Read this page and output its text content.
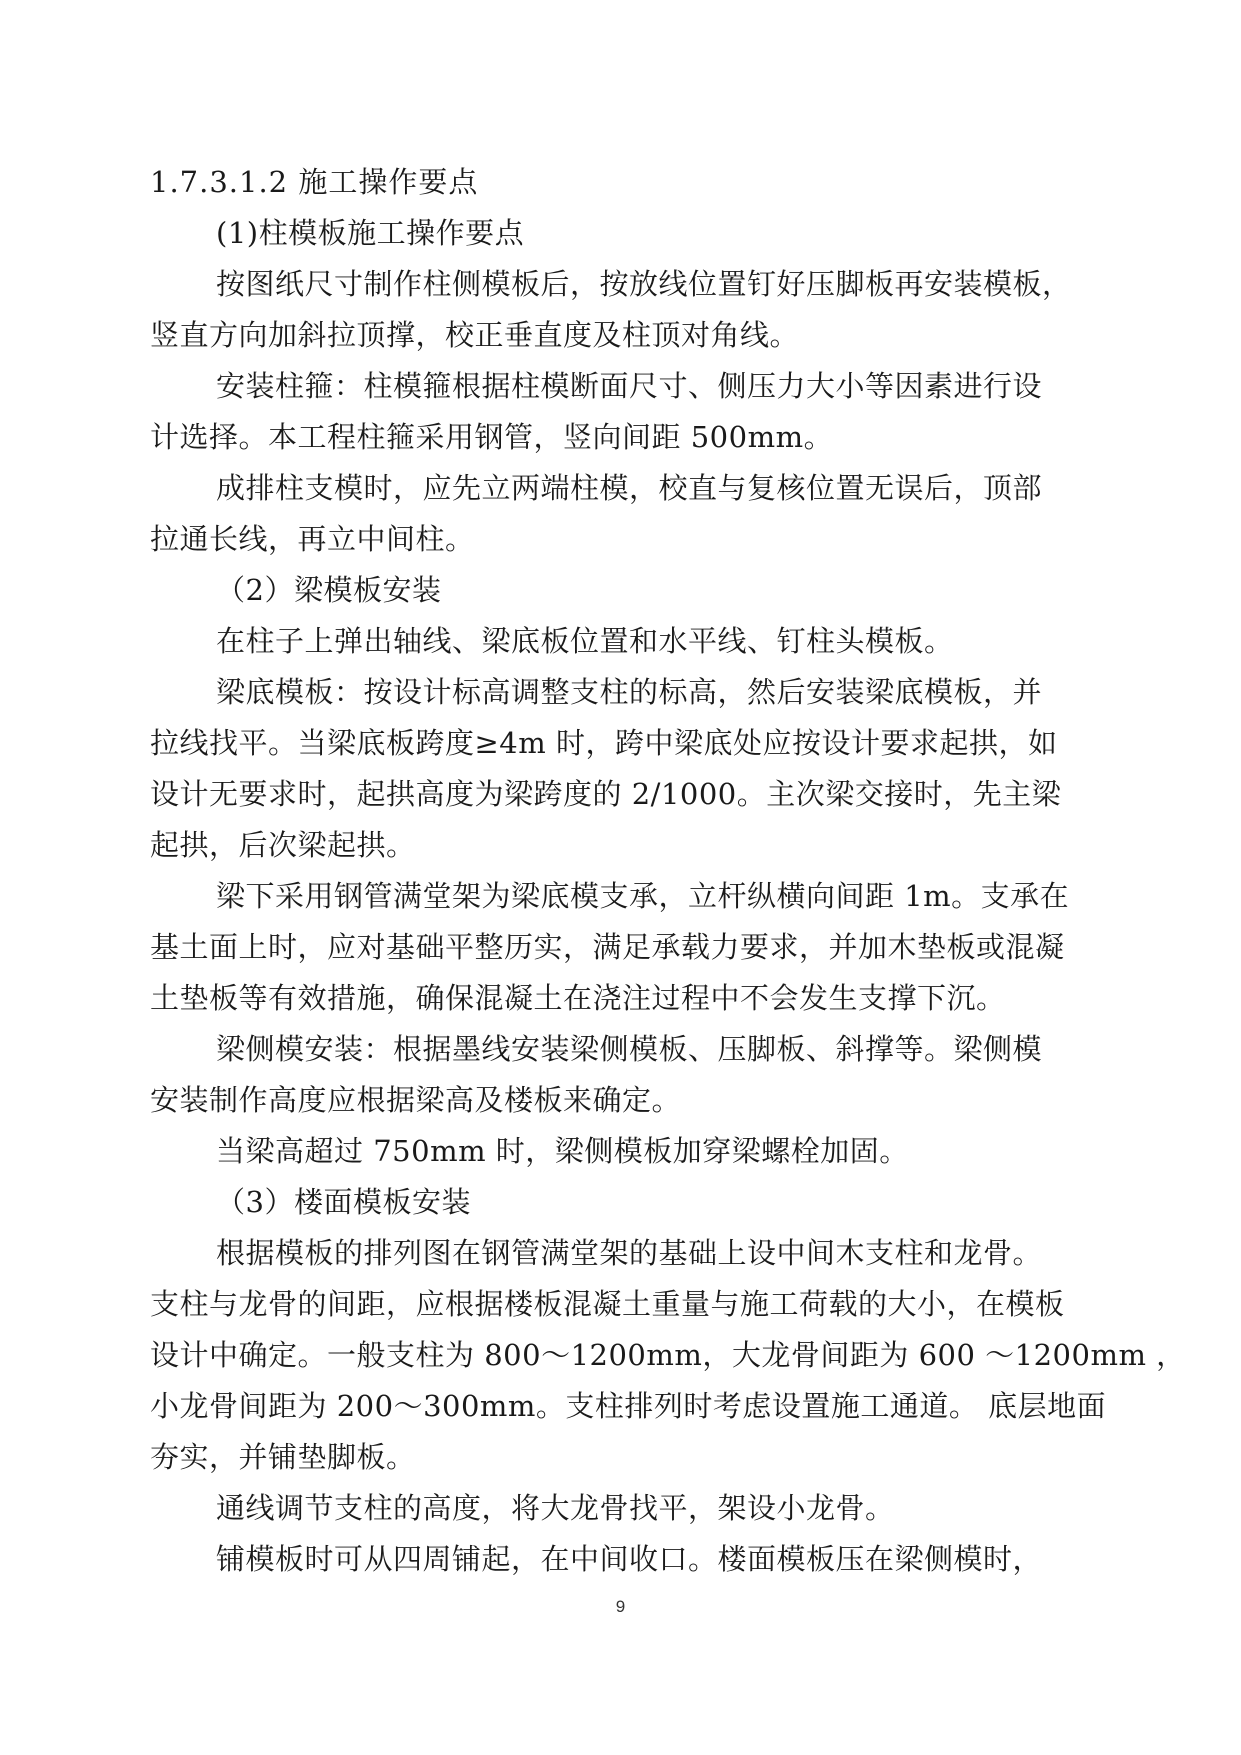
1.7.3.1.2 施工操作要点
(1)柱模板施工操作要点
按图纸尺寸制作柱侧模板后，按放线位置钉好压脚板再安装模板，
竖直方向加斜拉顶撑，校正垂直度及柱顶对角线。
安装柱箍：柱模箍根据柱模断面尺寸、侧压力大小等因素进行设
计选择。本工程柱箍采用钢管，竖向间距 500mm。
成排柱支模时，应先立两端柱模，校直与复核位置无误后，顶部
拉通长线，再立中间柱。
（2）梁模板安装
在柱子上弹出轴线、梁底板位置和水平线、钉柱头模板。
梁底模板：按设计标高调整支柱的标高，然后安装梁底模板，并
拉线找平。当梁底板跨度≥4m 时，跨中梁底处应按设计要求起拱，如
设计无要求时，起拱高度为梁跨度的 2/1000。主次梁交接时，先主梁
起拱，后次梁起拱。
梁下采用钢管满堂架为梁底模支承，立杆纵横向间距 1m。支承在
基土面上时，应对基础平整历实，满足承载力要求，并加木垫板或混凝
土垫板等有效措施，确保混凝土在浇注过程中不会发生支撑下沉。
梁侧模安装：根据墨线安装梁侧模板、压脚板、斜撑等。梁侧模
安装制作高度应根据梁高及楼板来确定。
当梁高超过 750mm 时，梁侧模板加穿梁螺栓加固。
（3）楼面模板安装
根据模板的排列图在钢管满堂架的基础上设中间木支柱和龙骨。
支柱与龙骨的间距，应根据楼板混凝土重量与施工荷载的大小，在模板
设计中确定。一般支柱为 800～1200mm，大龙骨间距为 600 ～1200mm ，
小龙骨间距为 200～300mm。支柱排列时考虑设置施工通道。 底层地面
夯实，并铺垫脚板。
通线调节支柱的高度，将大龙骨找平，架设小龙骨。
铺模板时可从四周铺起，在中间收口。楼面模板压在梁侧模时，
9
